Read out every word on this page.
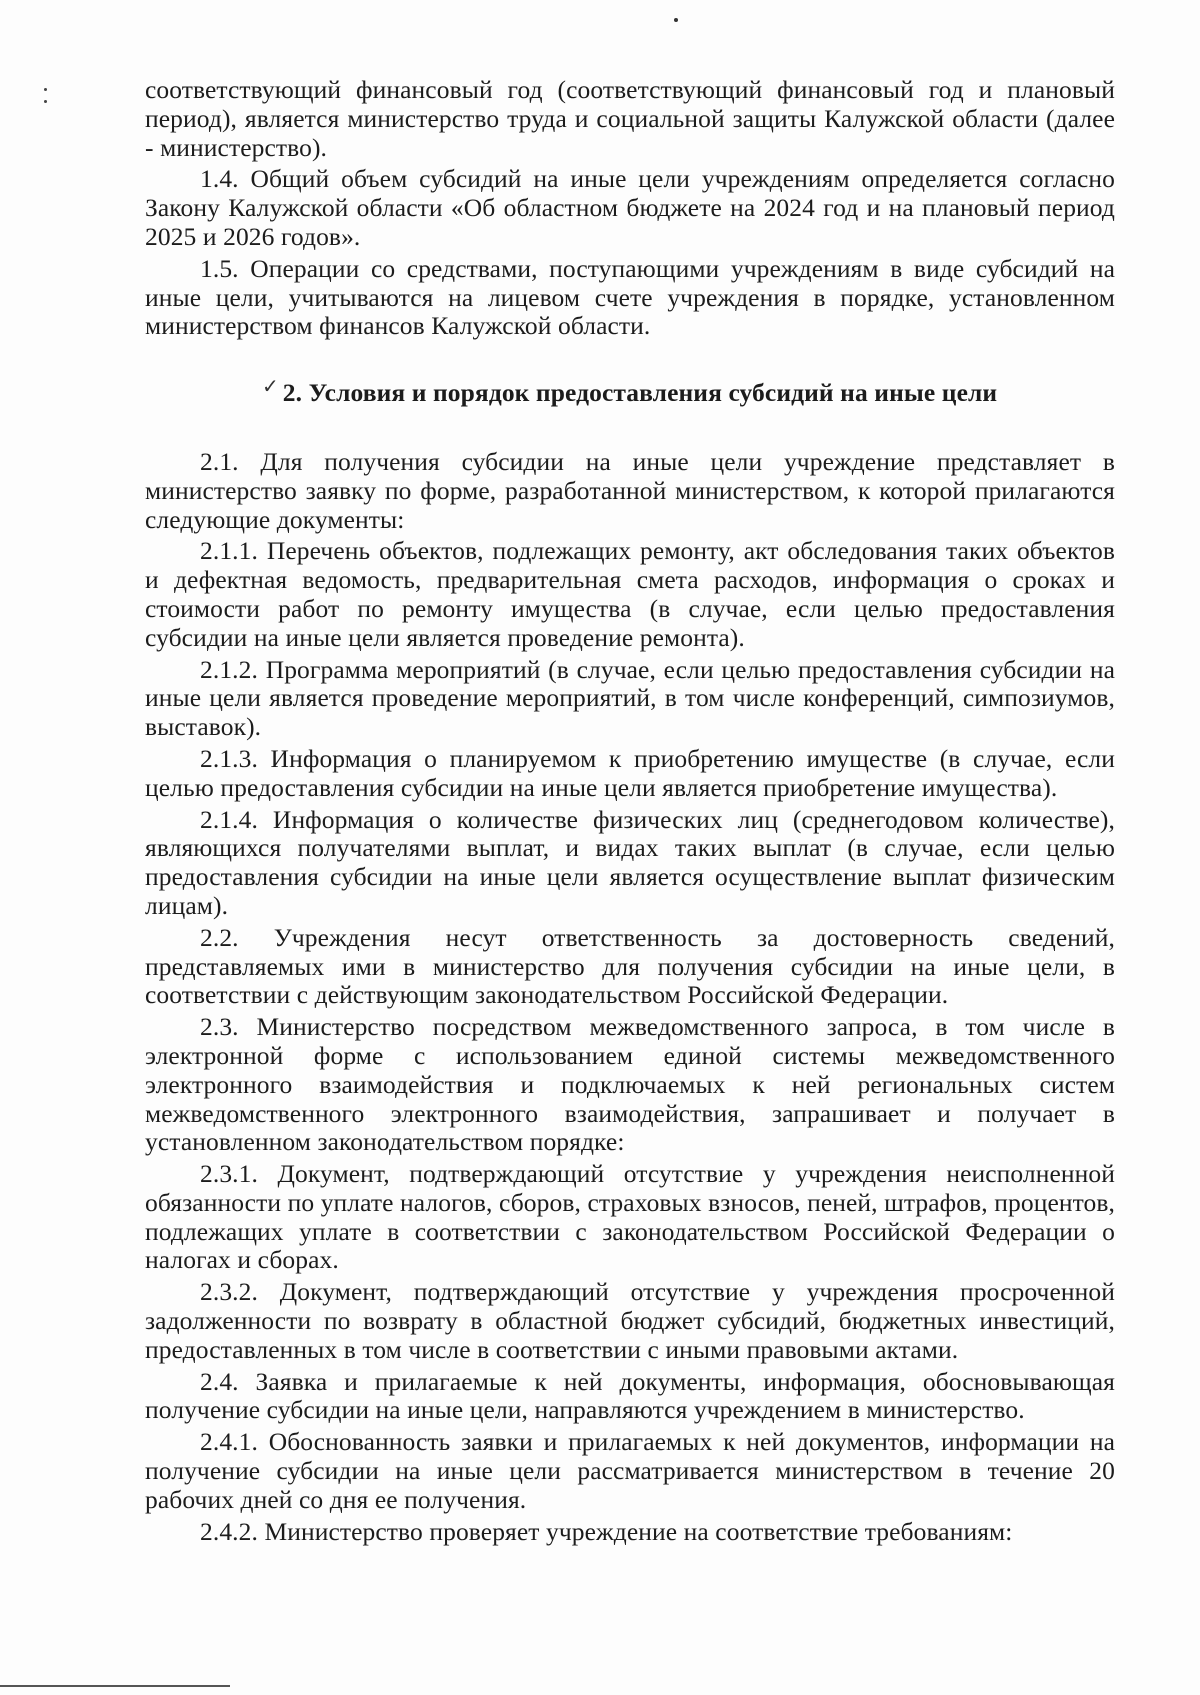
соответствующий финансовый год (соответствующий финансовый год и плановый период), является министерство труда и социальной защиты Калужской области (далее - министерство).

1.4. Общий объем субсидий на иные цели учреждениям определяется согласно Закону Калужской области «Об областном бюджете на 2024 год и на плановый период 2025 и 2026 годов».

1.5. Операции со средствами, поступающими учреждениям в виде субсидий на иные цели, учитываются на лицевом счете учреждения в порядке, установленном министерством финансов Калужской области.

✓ 2. Условия и порядок предоставления субсидий на иные цели

2.1. Для получения субсидии на иные цели учреждение представляет в министерство заявку по форме, разработанной министерством, к которой прилагаются следующие документы:

2.1.1. Перечень объектов, подлежащих ремонту, акт обследования таких объектов и дефектная ведомость, предварительная смета расходов, информация о сроках и стоимости работ по ремонту имущества (в случае, если целью предоставления субсидии на иные цели является проведение ремонта).

2.1.2. Программа мероприятий (в случае, если целью предоставления субсидии на иные цели является проведение мероприятий, в том числе конференций, симпозиумов, выставок).

2.1.3. Информация о планируемом к приобретению имуществе (в случае, если целью предоставления субсидии на иные цели является приобретение имущества).

2.1.4. Информация о количестве физических лиц (среднегодовом количестве), являющихся получателями выплат, и видах таких выплат (в случае, если целью предоставления субсидии на иные цели является осуществление выплат физическим лицам).

2.2. Учреждения несут ответственность за достоверность сведений, представляемых ими в министерство для получения субсидии на иные цели, в соответствии с действующим законодательством Российской Федерации.

2.3. Министерство посредством межведомственного запроса, в том числе в электронной форме с использованием единой системы межведомственного электронного взаимодействия и подключаемых к ней региональных систем межведомственного электронного взаимодействия, запрашивает и получает в установленном законодательством порядке:

2.3.1. Документ, подтверждающий отсутствие у учреждения неисполненной обязанности по уплате налогов, сборов, страховых взносов, пеней, штрафов, процентов, подлежащих уплате в соответствии с законодательством Российской Федерации о налогах и сборах.

2.3.2. Документ, подтверждающий отсутствие у учреждения просроченной задолженности по возврату в областной бюджет субсидий, бюджетных инвестиций, предоставленных в том числе в соответствии с иными правовыми актами.

2.4. Заявка и прилагаемые к ней документы, информация, обосновывающая получение субсидии на иные цели, направляются учреждением в министерство.

2.4.1. Обоснованность заявки и прилагаемых к ней документов, информации на получение субсидии на иные цели рассматривается министерством в течение 20 рабочих дней со дня ее получения.

2.4.2. Министерство проверяет учреждение на соответствие требованиям:
